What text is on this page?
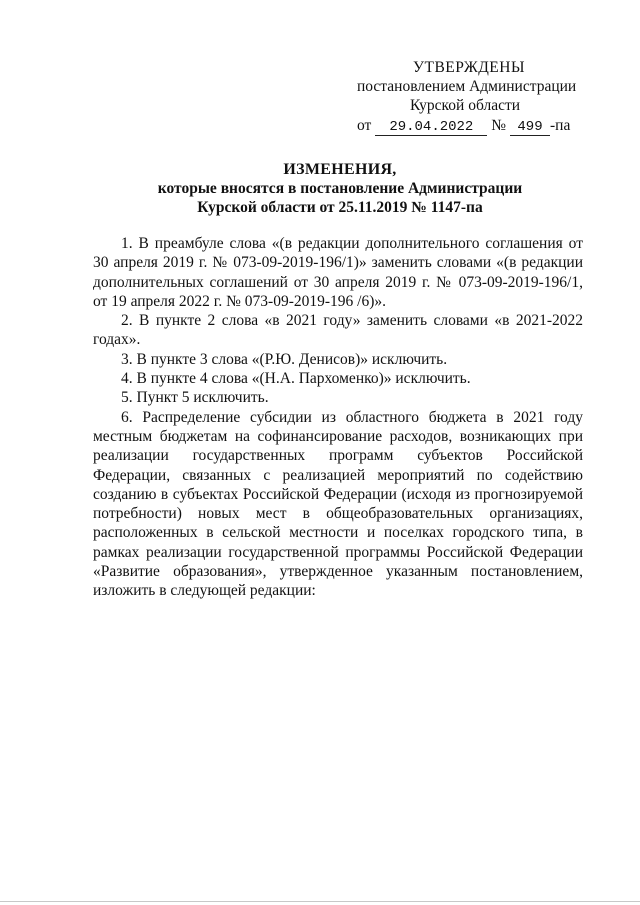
УТВЕРЖДЕНЫ
постановлением Администрации
Курской области
от 29.04.2022 № 499 -па
ИЗМЕНЕНИЯ,
которые вносятся в постановление Администрации
Курской области от 25.11.2019 № 1147-па

1. В преамбуле слова «(в редакции дополнительного соглашения от 30 апреля 2019 г. № 073-09-2019-196/1)» заменить словами «(в редакции дополнительных соглашений от 30 апреля 2019 г. № 073-09-2019-196/1, от 19 апреля 2022 г. № 073-09-2019-196 /6)».

2. В пункте 2 слова «в 2021 году» заменить словами «в 2021-2022 годах».

3. В пункте 3 слова «(Р.Ю. Денисов)» исключить.

4. В пункте 4 слова «(Н.А. Пархоменко)» исключить.

5. Пункт 5 исключить.

6. Распределение субсидии из областного бюджета в 2021 году местным бюджетам на софинансирование расходов, возникающих при реализации государственных программ субъектов Российской Федерации, связанных с реализацией мероприятий по содействию созданию в субъектах Российской Федерации (исходя из прогнозируемой потребности) новых мест в общеобразовательных организациях, расположенных в сельской местности и поселках городского типа, в рамках реализации государственной программы Российской Федерации «Развитие образования», утвержденное указанным постановлением, изложить в следующей редакции:
